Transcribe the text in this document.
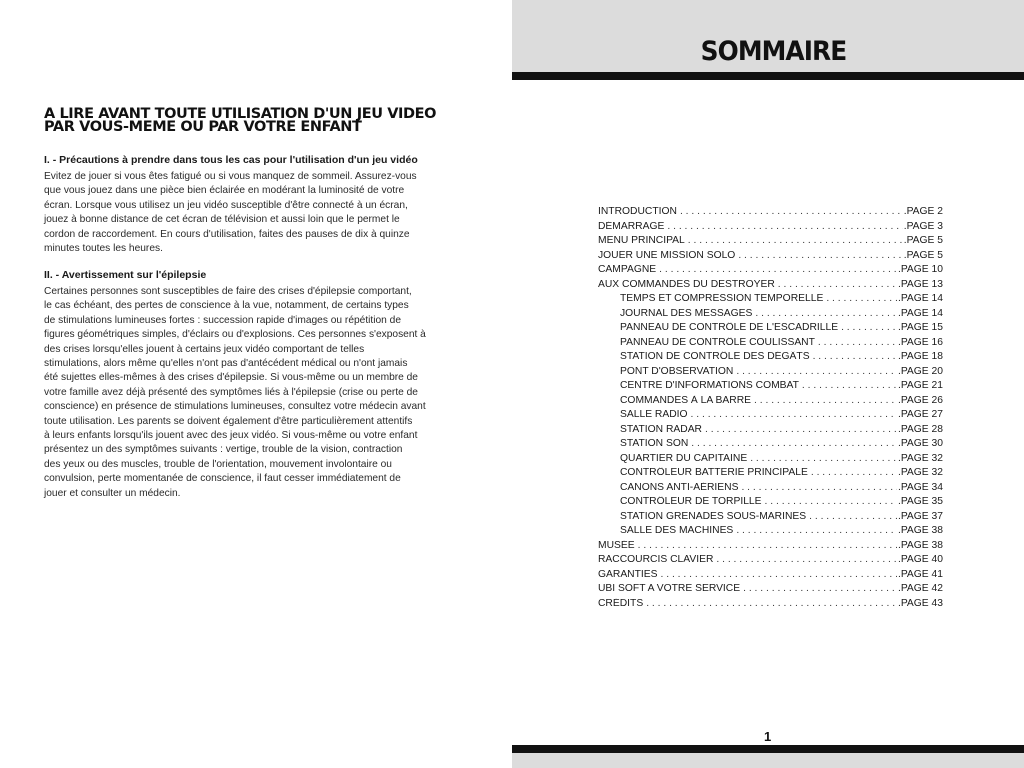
A LIRE AVANT TOUTE UTILISATION D'UN JEU VIDEO
PAR VOUS-MEME OU PAR VOTRE ENFANT
I. - Précautions à prendre dans tous les cas pour l'utilisation d'un jeu vidéo

Evitez de jouer si vous êtes fatigué ou si vous manquez de sommeil. Assurez-vous
que vous jouez dans une pièce bien éclairée en modérant la luminosité de votre
écran. Lorsque vous utilisez un jeu vidéo susceptible d'être connecté à un écran,
jouez à bonne distance de cet écran de télévision et aussi loin que le permet le
cordon de raccordement. En cours d'utilisation, faites des pauses de dix à quinze
minutes toutes les heures.

II. - Avertissement sur l'épilepsie

Certaines personnes sont susceptibles de faire des crises d'épilepsie comportant,
le cas échéant, des pertes de conscience à la vue, notamment, de certains types
de stimulations lumineuses fortes : succession rapide d'images ou répétition de
figures géométriques simples, d'éclairs ou d'explosions. Ces personnes s'exposent à
des crises lorsqu'elles jouent à certains jeux vidéo comportant de telles
stimulations, alors même qu'elles n'ont pas d'antécédent médical ou n'ont jamais
été sujettes elles-mêmes à des crises d'épilepsie. Si vous-même ou un membre de
votre famille avez déjà présenté des symptômes liés à l'épilepsie (crise ou perte de
conscience) en présence de stimulations lumineuses, consultez votre médecin avant
toute utilisation. Les parents se doivent également d'être particulièrement attentifs
à leurs enfants lorsqu'ils jouent avec des jeux vidéo. Si vous-même ou votre enfant
présentez un des symptômes suivants : vertige, trouble de la vision, contraction
des yeux ou des muscles, trouble de l'orientation, mouvement involontaire ou
convulsion, perte momentanée de conscience, il faut cesser immédiatement de
jouer et consulter un médecin.

SOMMAIRE
INTRODUCTION . . .	.PAGE 2
DÉMARRAGE . . .	.PAGE 3
MENU PRINCIPAL . . .	.PAGE 5
JOUER UNE MISSION SOLO . . .	.PAGE 5
CAMPAGNE . . .	.PAGE 10
AUX COMMANDES DU DESTROYER . . .	.PAGE 13
TEMPS ET COMPRESSION TEMPORELLE . . .	.PAGE 14
JOURNAL DES MESSAGES . . .	.PAGE 14
PANNEAU DE CONTRÔLE DE L'ESCADRILLE . . .	.PAGE 15
PANNEAU DE CONTRÔLE COULISSANT . . .	.PAGE 16
STATION DE CONTRÔLE DES DÉGÂTS . . .	.PAGE 18
PONT D'OBSERVATION . . .	.PAGE 20
CENTRE D'INFORMATIONS COMBAT . . .	.PAGE 21
COMMANDES À LA BARRE . . .	.PAGE 26
SALLE RADIO . . .	.PAGE 27
STATION RADAR . . .	.PAGE 28
STATION SON . . .	.PAGE 30
QUARTIER DU CAPITAINE . . .	.PAGE 32
CONTRÔLEUR BATTERIE PRINCIPALE . . .	.PAGE 32
CANONS ANTI-AÉRIENS . . .	.PAGE 34
CONTRÔLEUR DE TORPILLE . . .	.PAGE 35
STATION GRENADES SOUS-MARINES . . .	.PAGE 37
SALLE DES MACHINES . . .	.PAGE 38
MUSÉE . . .	.PAGE 38
RACCOURCIS CLAVIER . . .	.PAGE 40
GARANTIES . . .	.PAGE 41
UBI SOFT A VOTRE SERVICE . . .	.PAGE 42
CRÉDITS . . .	.PAGE 43
1
